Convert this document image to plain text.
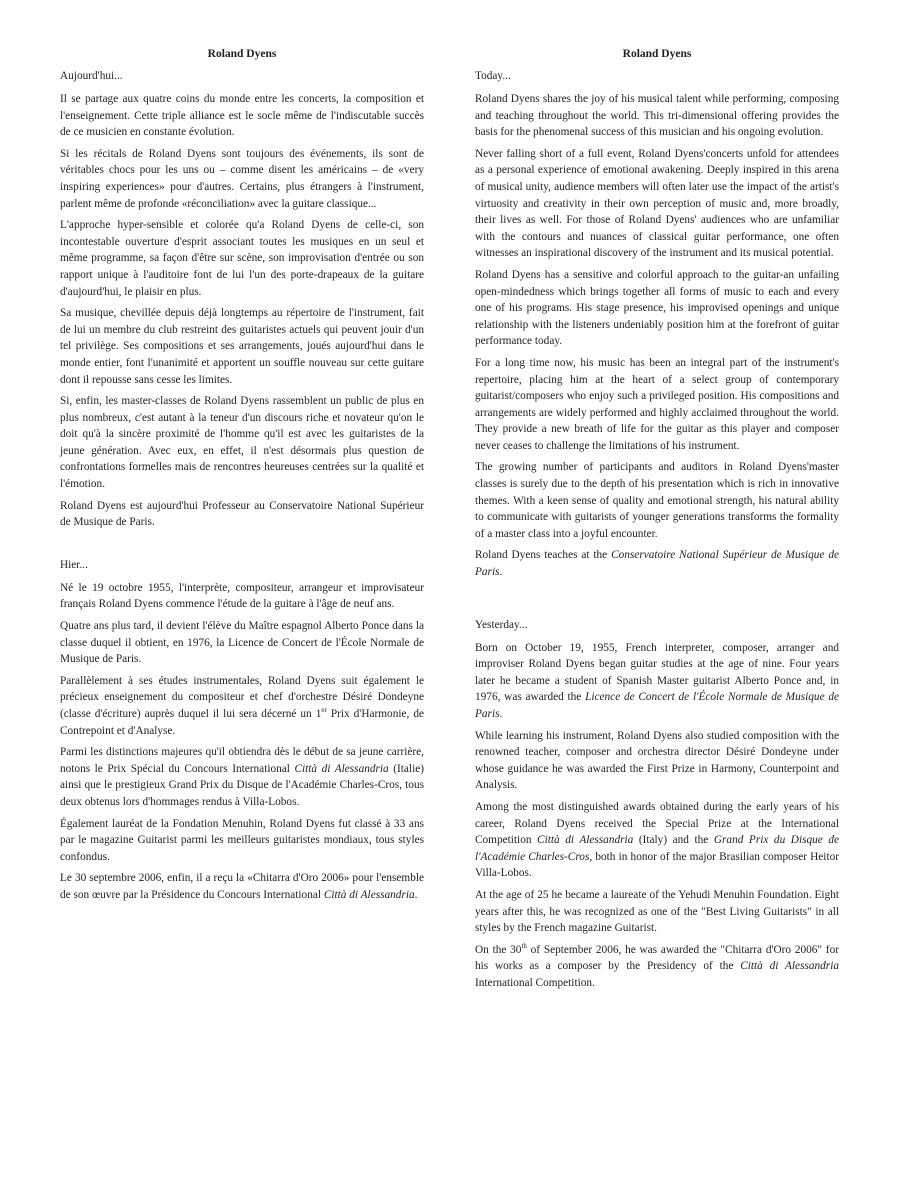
Roland Dyens
Aujourd'hui...

Il se partage aux quatre coins du monde entre les concerts, la composition et l'enseignement. Cette triple alliance est le socle même de l'indiscutable succès de ce musicien en constante évolution.

Si les récitals de Roland Dyens sont toujours des événements, ils sont de véritables chocs pour les uns ou – comme disent les américains – de «very inspiring experiences» pour d'autres. Certains, plus étrangers à l'instrument, parlent même de profonde «réconciliation» avec la guitare classique...

L'approche hyper-sensible et colorée qu'a Roland Dyens de celle-ci, son incontestable ouverture d'esprit associant toutes les musiques en un seul et même programme, sa façon d'être sur scène, son improvisation d'entrée ou son rapport unique à l'auditoire font de lui l'un des porte-drapeaux de la guitare d'aujourd'hui, le plaisir en plus.

Sa musique, chevillée depuis déjà longtemps au répertoire de l'instrument, fait de lui un membre du club restreint des guitaristes actuels qui peuvent jouir d'un tel privilège. Ses compositions et ses arrangements, joués aujourd'hui dans le monde entier, font l'unanimité et apportent un souffle nouveau sur cette guitare dont il repousse sans cesse les limites.

Si, enfin, les master-classes de Roland Dyens rassemblent un public de plus en plus nombreux, c'est autant à la teneur d'un discours riche et novateur qu'on le doit qu'à la sincère proximité de l'homme qu'il est avec les guitaristes de la jeune génération. Avec eux, en effet, il n'est désormais plus question de confrontations formelles mais de rencontres heureuses centrées sur la qualité et l'émotion.

Roland Dyens est aujourd'hui Professeur au Conservatoire National Supérieur de Musique de Paris.

Hier...

Né le 19 octobre 1955, l'interprète, compositeur, arrangeur et improvisateur français Roland Dyens commence l'étude de la guitare à l'âge de neuf ans.

Quatre ans plus tard, il devient l'élève du Maître espagnol Alberto Ponce dans la classe duquel il obtient, en 1976, la Licence de Concert de l'École Normale de Musique de Paris.

Parallèlement à ses études instrumentales, Roland Dyens suit également le précieux enseignement du compositeur et chef d'orchestre Désiré Dondeyne (classe d'écriture) auprès duquel il lui sera décerné un 1er Prix d'Harmonie, de Contrepoint et d'Analyse.

Parmi les distinctions majeures qu'il obtiendra dès le début de sa jeune carrière, notons le Prix Spécial du Concours International Città di Alessandria (Italie) ainsi que le prestigieux Grand Prix du Disque de l'Académie Charles-Cros, tous deux obtenus lors d'hommages rendus à Villa-Lobos.

Également lauréat de la Fondation Menuhin, Roland Dyens fut classé à 33 ans par le magazine Guitarist parmi les meilleurs guitaristes mondiaux, tous styles confondus.

Le 30 septembre 2006, enfin, il a reçu la «Chitarra d'Oro 2006» pour l'ensemble de son œuvre par la Présidence du Concours International Città di Alessandria.

Roland Dyens
Today...

Roland Dyens shares the joy of his musical talent while performing, composing and teaching throughout the world. This tri-dimensional offering provides the basis for the phenomenal success of this musician and his ongoing evolution.

Never falling short of a full event, Roland Dyens'concerts unfold for attendees as a personal experience of emotional awakening. Deeply inspired in this arena of musical unity, audience members will often later use the impact of the artist's virtuosity and creativity in their own perception of music and, more broadly, their lives as well. For those of Roland Dyens' audiences who are unfamiliar with the contours and nuances of classical guitar performance, one often witnesses an inspirational discovery of the instrument and its musical potential.

Roland Dyens has a sensitive and colorful approach to the guitar-an unfailing open-mindedness which brings together all forms of music to each and every one of his programs. His stage presence, his improvised openings and unique relationship with the listeners undeniably position him at the forefront of guitar performance today.

For a long time now, his music has been an integral part of the instrument's repertoire, placing him at the heart of a select group of contemporary guitarist/composers who enjoy such a privileged position. His compositions and arrangements are widely performed and highly acclaimed throughout the world. They provide a new breath of life for the guitar as this player and composer never ceases to challenge the limitations of his instrument.

The growing number of participants and auditors in Roland Dyens'master classes is surely due to the depth of his presentation which is rich in innovative themes. With a keen sense of quality and emotional strength, his natural ability to communicate with guitarists of younger generations transforms the formality of a master class into a joyful encounter.

Roland Dyens teaches at the Conservatoire National Supérieur de Musique de Paris.

Yesterday...

Born on October 19, 1955, French interpreter, composer, arranger and improviser Roland Dyens began guitar studies at the age of nine. Four years later he became a student of Spanish Master guitarist Alberto Ponce and, in 1976, was awarded the Licence de Concert de l'École Normale de Musique de Paris.

While learning his instrument, Roland Dyens also studied composition with the renowned teacher, composer and orchestra director Désiré Dondeyne under whose guidance he was awarded the First Prize in Harmony, Counterpoint and Analysis.

Among the most distinguished awards obtained during the early years of his career, Roland Dyens received the Special Prize at the International Competition Città di Alessandria (Italy) and the Grand Prix du Disque de l'Académie Charles-Cros, both in honor of the major Brasilian composer Heitor Villa-Lobos.

At the age of 25 he became a laureate of the Yehudi Menuhin Foundation. Eight years after this, he was recognized as one of the "Best Living Guitarists" in all styles by the French magazine Guitarist.

On the 30th of September 2006, he was awarded the "Chitarra d'Oro 2006" for his works as a composer by the Presidency of the Città di Alessandria International Competition.
